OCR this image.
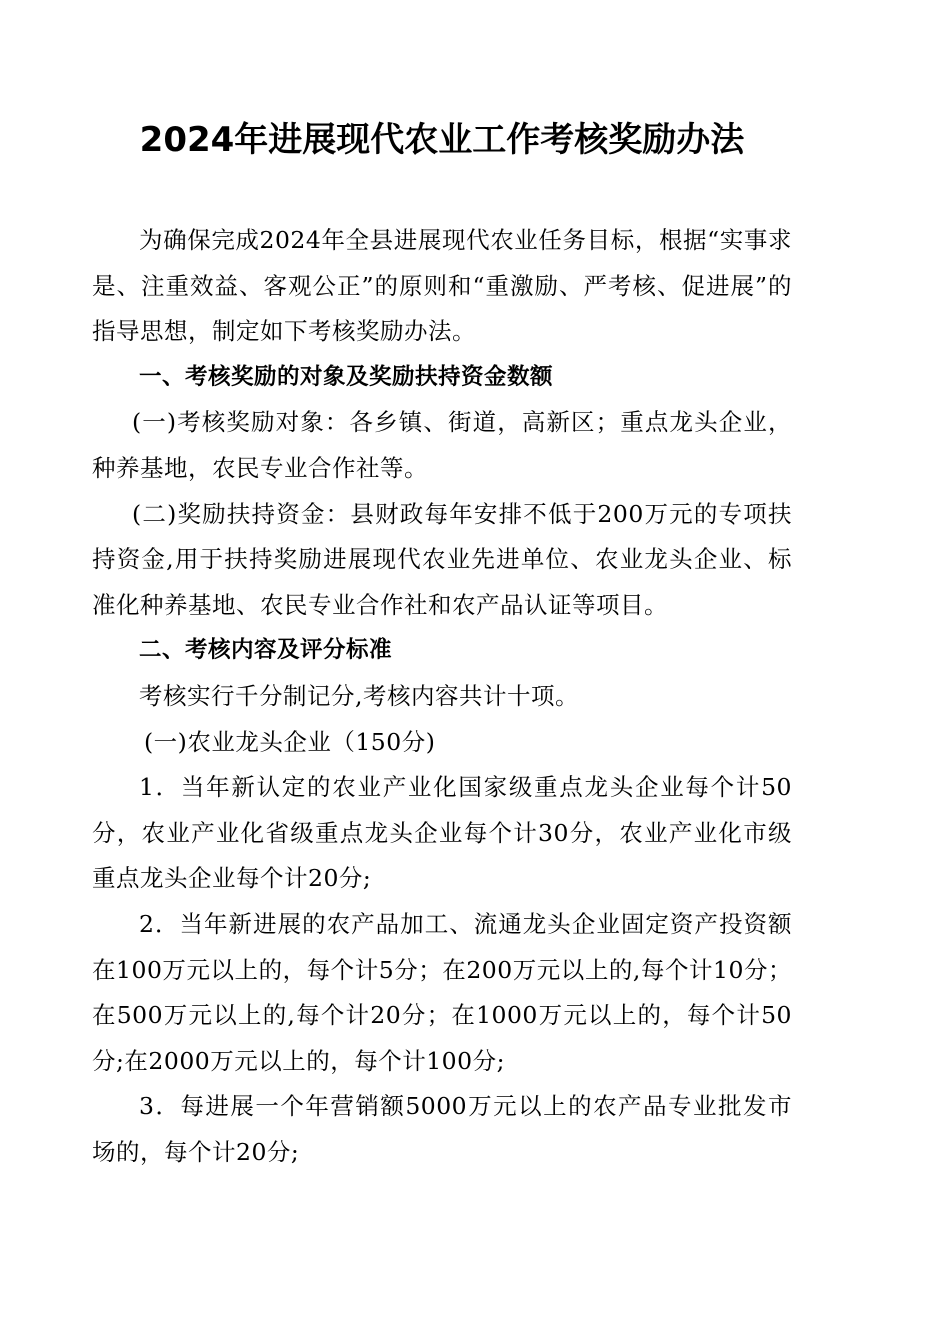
2024年进展现代农业工作考核奖励办法

为确保完成2024年全县进展现代农业任务目标，根据“实事求是、注重效益、客观公正”的原则和“重激励、严考核、促进展”的指导思想，制定如下考核奖励办法。

一、考核奖励的对象及奖励扶持资金数额

(一)考核奖励对象：各乡镇、街道，高新区；重点龙头企业，种养基地，农民专业合作社等。

(二)奖励扶持资金：县财政每年安排不低于200万元的专项扶持资金,用于扶持奖励进展现代农业先进单位、农业龙头企业、标准化种养基地、农民专业合作社和农产品认证等项目。

二、考核内容及评分标准

考核实行千分制记分,考核内容共计十项。

(一)农业龙头企业（150分)

1．当年新认定的农业产业化国家级重点龙头企业每个计50分，农业产业化省级重点龙头企业每个计30分，农业产业化市级重点龙头企业每个计20分;

2．当年新进展的农产品加工、流通龙头企业固定资产投资额在100万元以上的，每个计5分；在200万元以上的,每个计10分；在500万元以上的,每个计20分；在1000万元以上的，每个计50分;在2000万元以上的，每个计100分;

3．每进展一个年营销额5000万元以上的农产品专业批发市场的，每个计20分;
